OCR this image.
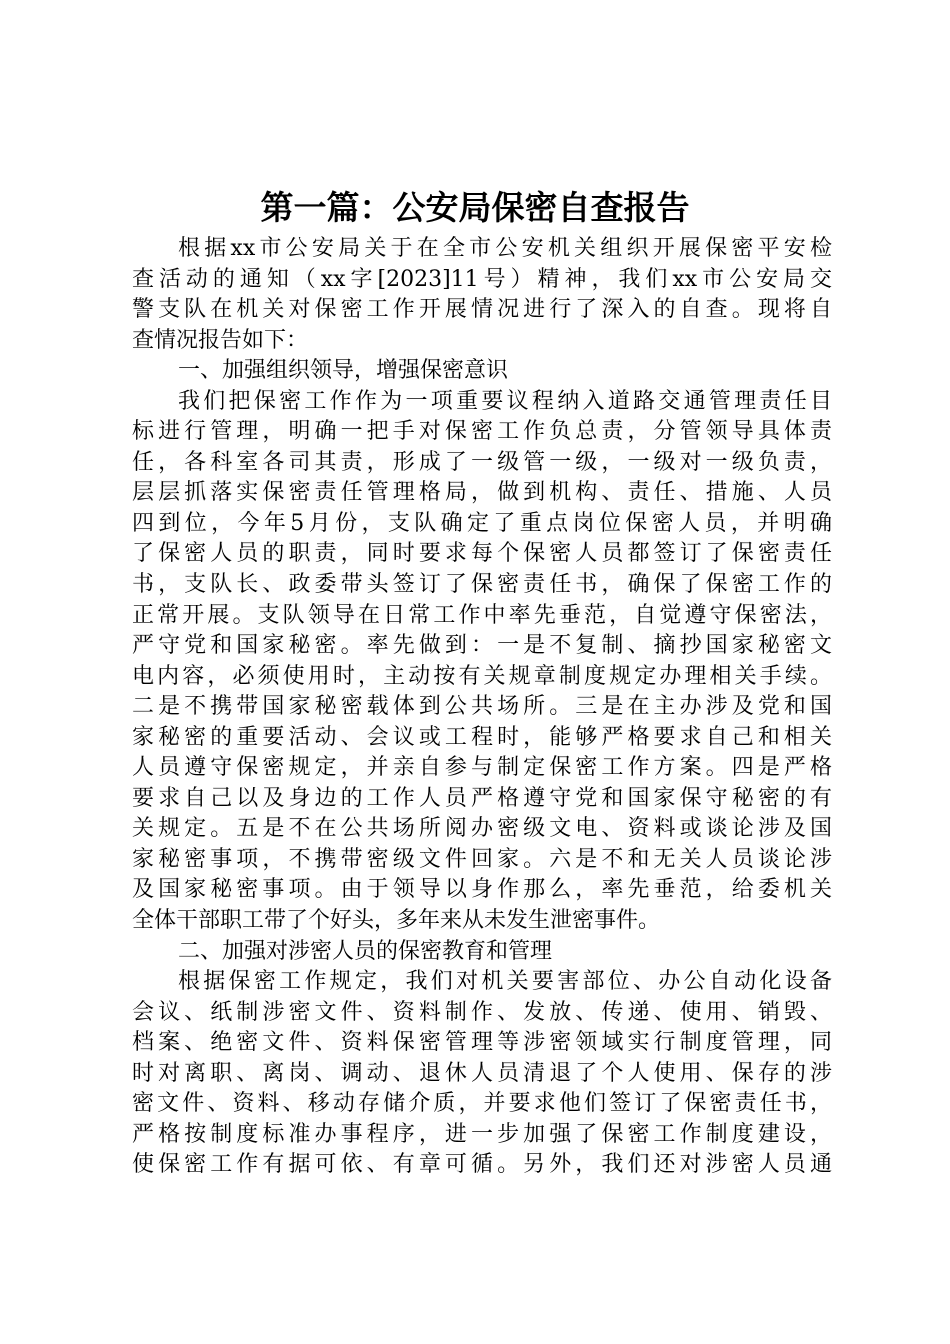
第一篇：公安局保密自查报告
根据xx市公安局关于在全市公安机关组织开展保密平安检
查活动的通知（xx字[2023]11号）精神，我们xx市公安局交
警支队在机关对保密工作开展情况进行了深入的自查。现将自
查情况报告如下：
一、加强组织领导，增强保密意识
我们把保密工作作为一项重要议程纳入道路交通管理责任目
标进行管理，明确一把手对保密工作负总责，分管领导具体责
任，各科室各司其责，形成了一级管一级，一级对一级负责，
层层抓落实保密责任管理格局，做到机构、责任、措施、人员
四到位，今年5月份，支队确定了重点岗位保密人员，并明确
了保密人员的职责，同时要求每个保密人员都签订了保密责任
书，支队长、政委带头签订了保密责任书，确保了保密工作的
正常开展。支队领导在日常工作中率先垂范，自觉遵守保密法，
严守党和国家秘密。率先做到：一是不复制、摘抄国家秘密文
电内容，必须使用时，主动按有关规章制度规定办理相关手续。
二是不携带国家秘密载体到公共场所。三是在主办涉及党和国
家秘密的重要活动、会议或工程时，能够严格要求自己和相关
人员遵守保密规定，并亲自参与制定保密工作方案。四是严格
要求自己以及身边的工作人员严格遵守党和国家保守秘密的有
关规定。五是不在公共场所阅办密级文电、资料或谈论涉及国
家秘密事项，不携带密级文件回家。六是不和无关人员谈论涉
及国家秘密事项。由于领导以身作那么，率先垂范，给委机关
全体干部职工带了个好头，多年来从未发生泄密事件。
二、加强对涉密人员的保密教育和管理
根据保密工作规定，我们对机关要害部位、办公自动化设备
会议、纸制涉密文件、资料制作、发放、传递、使用、销毁、
档案、绝密文件、资料保密管理等涉密领域实行制度管理，同
时对离职、离岗、调动、退休人员清退了个人使用、保存的涉
密文件、资料、移动存储介质，并要求他们签订了保密责任书，
严格按制度标准办事程序，进一步加强了保密工作制度建设，
使保密工作有据可依、有章可循。另外，我们还对涉密人员通
